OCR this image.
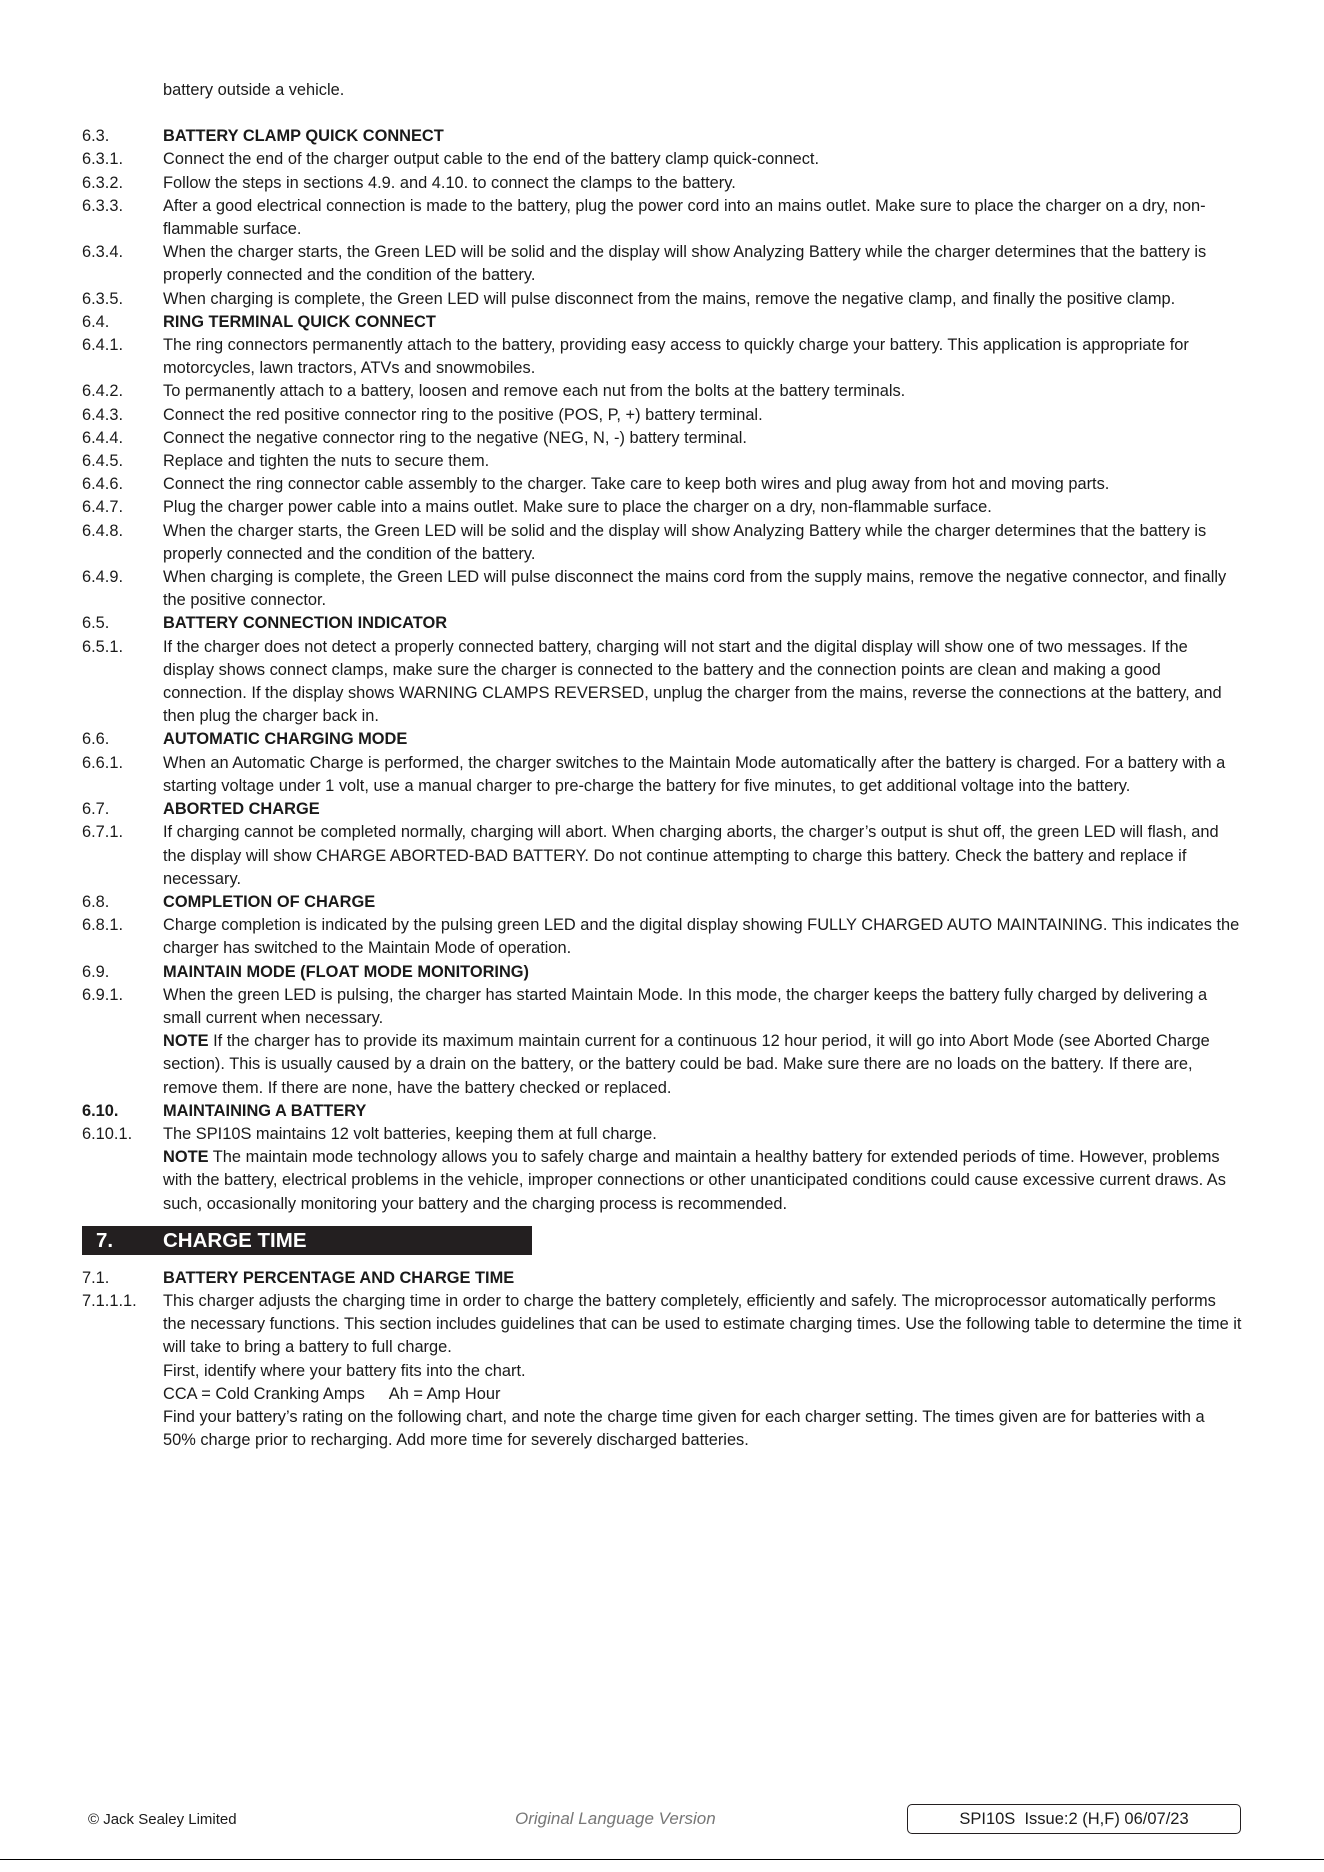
battery outside a vehicle.
6.3.	BATTERY CLAMP QUICK CONNECT
6.3.1.	Connect the end of the charger output cable to the end of the battery clamp quick-connect.
6.3.2.	Follow the steps in sections 4.9. and 4.10. to connect the clamps to the battery.
6.3.3.	After a good electrical connection is made to the battery, plug the power cord into an mains outlet. Make sure to place the charger on a dry, non-flammable surface.
6.3.4.	When the charger starts, the Green LED will be solid and the display will show Analyzing Battery while the charger determines that the battery is properly connected and the condition of the battery.
6.3.5.	When charging is complete, the Green LED will pulse disconnect from the mains, remove the negative clamp, and finally the positive clamp.
6.4.	RING TERMINAL QUICK CONNECT
6.4.1.	The ring connectors permanently attach to the battery, providing easy access to quickly charge your battery. This application is appropriate for motorcycles, lawn tractors, ATVs and snowmobiles.
6.4.2.	To permanently attach to a battery, loosen and remove each nut from the bolts at the battery terminals.
6.4.3.	Connect the red positive connector ring to the positive (POS, P, +) battery terminal.
6.4.4.	Connect the negative connector ring to the negative (NEG, N, -) battery terminal.
6.4.5.	Replace and tighten the nuts to secure them.
6.4.6.	Connect the ring connector cable assembly to the charger. Take care to keep both wires and plug away from hot and moving parts.
6.4.7.	Plug the charger power cable into a mains outlet. Make sure to place the charger on a dry, non-flammable surface.
6.4.8.	When the charger starts, the Green LED will be solid and the display will show Analyzing Battery while the charger determines that the battery is properly connected and the condition of the battery.
6.4.9.	When charging is complete, the Green LED will pulse disconnect the mains cord from the supply mains, remove the negative connector, and finally the positive connector.
6.5.	BATTERY CONNECTION INDICATOR
6.5.1.	If the charger does not detect a properly connected battery, charging will not start and the digital display will show one of two messages. If the display shows connect clamps, make sure the charger is connected to the battery and the connection points are clean and making a good connection. If the display shows WARNING CLAMPS REVERSED, unplug the charger from the mains, reverse the connections at the battery, and then plug the charger back in.
6.6.	AUTOMATIC CHARGING MODE
6.6.1.	When an Automatic Charge is performed, the charger switches to the Maintain Mode automatically after the battery is charged. For a battery with a starting voltage under 1 volt, use a manual charger to pre-charge the battery for five minutes, to get additional voltage into the battery.
6.7.	ABORTED CHARGE
6.7.1.	If charging cannot be completed normally, charging will abort. When charging aborts, the charger’s output is shut off, the green LED will flash, and the display will show CHARGE ABORTED-BAD BATTERY. Do not continue attempting to charge this battery. Check the battery and replace if necessary.
6.8.	COMPLETION OF CHARGE
6.8.1.	Charge completion is indicated by the pulsing green LED and the digital display showing FULLY CHARGED AUTO MAINTAINING. This indicates the charger has switched to the Maintain Mode of operation.
6.9.	MAINTAIN MODE (FLOAT MODE MONITORING)
6.9.1.	When the green LED is pulsing, the charger has started Maintain Mode. In this mode, the charger keeps the battery fully charged by delivering a small current when necessary.
NOTE If the charger has to provide its maximum maintain current for a continuous 12 hour period, it will go into Abort Mode (see Aborted Charge section). This is usually caused by a drain on the battery, or the battery could be bad. Make sure there are no loads on the battery. If there are, remove them. If there are none, have the battery checked or replaced.
6.10.	MAINTAINING A BATTERY
6.10.1.	The SPI10S maintains 12 volt batteries, keeping them at full charge.
NOTE The maintain mode technology allows you to safely charge and maintain a healthy battery for extended periods of time. However, problems with the battery, electrical problems in the vehicle, improper connections or other unanticipated conditions could cause excessive current draws. As such, occasionally monitoring your battery and the charging process is recommended.
7.	CHARGE TIME
7.1.	BATTERY PERCENTAGE AND CHARGE TIME
7.1.1.1.	This charger adjusts the charging time in order to charge the battery completely, efficiently and safely. The microprocessor automatically performs the necessary functions. This section includes guidelines that can be used to estimate charging times. Use the following table to determine the time it will take to bring a battery to full charge.
First, identify where your battery fits into the chart.
CCA = Cold Cranking Amps Ah = Amp Hour
Find your battery’s rating on the following chart, and note the charge time given for each charger setting. The times given are for batteries with a 50% charge prior to recharging. Add more time for severely discharged batteries.
© Jack Sealey Limited	Original Language Version	SPI10S  Issue:2 (H,F) 06/07/23
